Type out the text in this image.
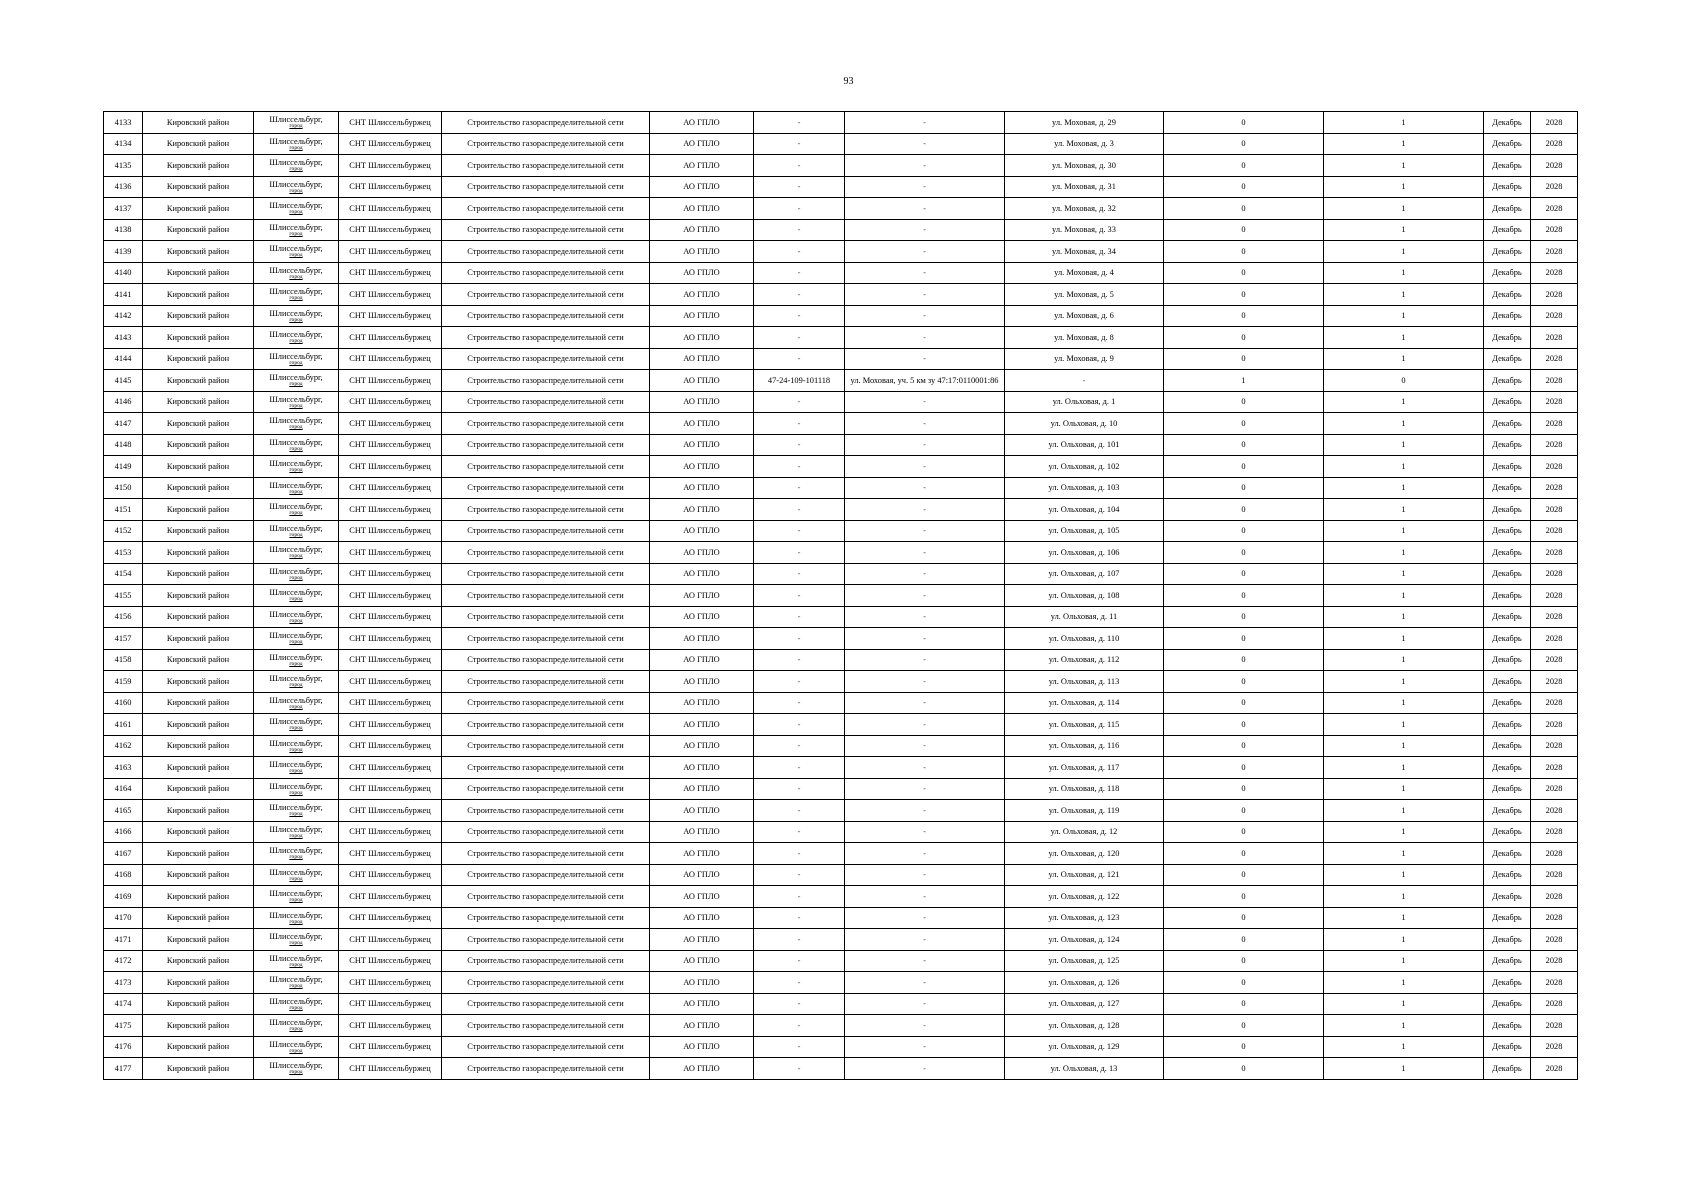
93
4133	Кировский район	Шлиссельбург,
город	СНТ Шлиссельбуржец	Строительство газораспределительной сети	АО ГПЛО	-	-	ул. Моховая, д. 29	0	1	Декабрь	2028
4134	Кировский район	Шлиссельбург,
город	СНТ Шлиссельбуржец	Строительство газораспределительной сети	АО ГПЛО	-	-	ул. Моховая, д. 3	0	1	Декабрь	2028
4135	Кировский район	Шлиссельбург,
город	СНТ Шлиссельбуржец	Строительство газораспределительной сети	АО ГПЛО	-	-	ул. Моховая, д. 30	0	1	Декабрь	2028
4136	Кировский район	Шлиссельбург,
город	СНТ Шлиссельбуржец	Строительство газораспределительной сети	АО ГПЛО	-	-	ул. Моховая, д. 31	0	1	Декабрь	2028
4137	Кировский район	Шлиссельбург,
город	СНТ Шлиссельбуржец	Строительство газораспределительной сети	АО ГПЛО	-	-	ул. Моховая, д. 32	0	1	Декабрь	2028
4138	Кировский район	Шлиссельбург,
город	СНТ Шлиссельбуржец	Строительство газораспределительной сети	АО ГПЛО	-	-	ул. Моховая, д. 33	0	1	Декабрь	2028
4139	Кировский район	Шлиссельбург,
город	СНТ Шлиссельбуржец	Строительство газораспределительной сети	АО ГПЛО	-	-	ул. Моховая, д. 34	0	1	Декабрь	2028
4140	Кировский район	Шлиссельбург,
город	СНТ Шлиссельбуржец	Строительство газораспределительной сети	АО ГПЛО	-	-	ул. Моховая, д. 4	0	1	Декабрь	2028
4141	Кировский район	Шлиссельбург,
город	СНТ Шлиссельбуржец	Строительство газораспределительной сети	АО ГПЛО	-	-	ул. Моховая, д. 5	0	1	Декабрь	2028
4142	Кировский район	Шлиссельбург,
город	СНТ Шлиссельбуржец	Строительство газораспределительной сети	АО ГПЛО	-	-	ул. Моховая, д. 6	0	1	Декабрь	2028
4143	Кировский район	Шлиссельбург,
город	СНТ Шлиссельбуржец	Строительство газораспределительной сети	АО ГПЛО	-	-	ул. Моховая, д. 8	0	1	Декабрь	2028
4144	Кировский район	Шлиссельбург,
город	СНТ Шлиссельбуржец	Строительство газораспределительной сети	АО ГПЛО	-	-	ул. Моховая, д. 9	0	1	Декабрь	2028
4145	Кировский район	Шлиссельбург,
город	СНТ Шлиссельбуржец	Строительство газораспределительной сети	АО ГПЛО	47-24-109-101118	ул. Моховая, уч. 5 км зу 47:17:0110001:86	-	1	0	Декабрь	2028
4146	Кировский район	Шлиссельбург,
город	СНТ Шлиссельбуржец	Строительство газораспределительной сети	АО ГПЛО	-	-	ул. Ольховая, д. 1	0	1	Декабрь	2028
4147	Кировский район	Шлиссельбург,
город	СНТ Шлиссельбуржец	Строительство газораспределительной сети	АО ГПЛО	-	-	ул. Ольховая, д. 10	0	1	Декабрь	2028
4148	Кировский район	Шлиссельбург,
город	СНТ Шлиссельбуржец	Строительство газораспределительной сети	АО ГПЛО	-	-	ул. Ольховая, д. 101	0	1	Декабрь	2028
4149	Кировский район	Шлиссельбург,
город	СНТ Шлиссельбуржец	Строительство газораспределительной сети	АО ГПЛО	-	-	ул. Ольховая, д. 102	0	1	Декабрь	2028
4150	Кировский район	Шлиссельбург,
город	СНТ Шлиссельбуржец	Строительство газораспределительной сети	АО ГПЛО	-	-	ул. Ольховая, д. 103	0	1	Декабрь	2028
4151	Кировский район	Шлиссельбург,
город	СНТ Шлиссельбуржец	Строительство газораспределительной сети	АО ГПЛО	-	-	ул. Ольховая, д. 104	0	1	Декабрь	2028
4152	Кировский район	Шлиссельбург,
город	СНТ Шлиссельбуржец	Строительство газораспределительной сети	АО ГПЛО	-	-	ул. Ольховая, д. 105	0	1	Декабрь	2028
4153	Кировский район	Шлиссельбург,
город	СНТ Шлиссельбуржец	Строительство газораспределительной сети	АО ГПЛО	-	-	ул. Ольховая, д. 106	0	1	Декабрь	2028
4154	Кировский район	Шлиссельбург,
город	СНТ Шлиссельбуржец	Строительство газораспределительной сети	АО ГПЛО	-	-	ул. Ольховая, д. 107	0	1	Декабрь	2028
4155	Кировский район	Шлиссельбург,
город	СНТ Шлиссельбуржец	Строительство газораспределительной сети	АО ГПЛО	-	-	ул. Ольховая, д. 108	0	1	Декабрь	2028
4156	Кировский район	Шлиссельбург,
город	СНТ Шлиссельбуржец	Строительство газораспределительной сети	АО ГПЛО	-	-	ул. Ольховая, д. 11	0	1	Декабрь	2028
4157	Кировский район	Шлиссельбург,
город	СНТ Шлиссельбуржец	Строительство газораспределительной сети	АО ГПЛО	-	-	ул. Ольховая, д. 110	0	1	Декабрь	2028
4158	Кировский район	Шлиссельбург,
город	СНТ Шлиссельбуржец	Строительство газораспределительной сети	АО ГПЛО	-	-	ул. Ольховая, д. 112	0	1	Декабрь	2028
4159	Кировский район	Шлиссельбург,
город	СНТ Шлиссельбуржец	Строительство газораспределительной сети	АО ГПЛО	-	-	ул. Ольховая, д. 113	0	1	Декабрь	2028
4160	Кировский район	Шлиссельбург,
город	СНТ Шлиссельбуржец	Строительство газораспределительной сети	АО ГПЛО	-	-	ул. Ольховая, д. 114	0	1	Декабрь	2028
4161	Кировский район	Шлиссельбург,
город	СНТ Шлиссельбуржец	Строительство газораспределительной сети	АО ГПЛО	-	-	ул. Ольховая, д. 115	0	1	Декабрь	2028
4162	Кировский район	Шлиссельбург,
город	СНТ Шлиссельбуржец	Строительство газораспределительной сети	АО ГПЛО	-	-	ул. Ольховая, д. 116	0	1	Декабрь	2028
4163	Кировский район	Шлиссельбург,
город	СНТ Шлиссельбуржец	Строительство газораспределительной сети	АО ГПЛО	-	-	ул. Ольховая, д. 117	0	1	Декабрь	2028
4164	Кировский район	Шлиссельбург,
город	СНТ Шлиссельбуржец	Строительство газораспределительной сети	АО ГПЛО	-	-	ул. Ольховая, д. 118	0	1	Декабрь	2028
4165	Кировский район	Шлиссельбург,
город	СНТ Шлиссельбуржец	Строительство газораспределительной сети	АО ГПЛО	-	-	ул. Ольховая, д. 119	0	1	Декабрь	2028
4166	Кировский район	Шлиссельбург,
город	СНТ Шлиссельбуржец	Строительство газораспределительной сети	АО ГПЛО	-	-	ул. Ольховая, д. 12	0	1	Декабрь	2028
4167	Кировский район	Шлиссельбург,
город	СНТ Шлиссельбуржец	Строительство газораспределительной сети	АО ГПЛО	-	-	ул. Ольховая, д. 120	0	1	Декабрь	2028
4168	Кировский район	Шлиссельбург,
город	СНТ Шлиссельбуржец	Строительство газораспределительной сети	АО ГПЛО	-	-	ул. Ольховая, д. 121	0	1	Декабрь	2028
4169	Кировский район	Шлиссельбург,
город	СНТ Шлиссельбуржец	Строительство газораспределительной сети	АО ГПЛО	-	-	ул. Ольховая, д. 122	0	1	Декабрь	2028
4170	Кировский район	Шлиссельбург,
город	СНТ Шлиссельбуржец	Строительство газораспределительной сети	АО ГПЛО	-	-	ул. Ольховая, д. 123	0	1	Декабрь	2028
4171	Кировский район	Шлиссельбург,
город	СНТ Шлиссельбуржец	Строительство газораспределительной сети	АО ГПЛО	-	-	ул. Ольховая, д. 124	0	1	Декабрь	2028
4172	Кировский район	Шлиссельбург,
город	СНТ Шлиссельбуржец	Строительство газораспределительной сети	АО ГПЛО	-	-	ул. Ольховая, д. 125	0	1	Декабрь	2028
4173	Кировский район	Шлиссельбург,
город	СНТ Шлиссельбуржец	Строительство газораспределительной сети	АО ГПЛО	-	-	ул. Ольховая, д. 126	0	1	Декабрь	2028
4174	Кировский район	Шлиссельбург,
город	СНТ Шлиссельбуржец	Строительство газораспределительной сети	АО ГПЛО	-	-	ул. Ольховая, д. 127	0	1	Декабрь	2028
4175	Кировский район	Шлиссельбург,
город	СНТ Шлиссельбуржец	Строительство газораспределительной сети	АО ГПЛО	-	-	ул. Ольховая, д. 128	0	1	Декабрь	2028
4176	Кировский район	Шлиссельбург,
город	СНТ Шлиссельбуржец	Строительство газораспределительной сети	АО ГПЛО	-	-	ул. Ольховая, д. 129	0	1	Декабрь	2028
4177	Кировский район	Шлиссельбург,
город	СНТ Шлиссельбуржец	Строительство газораспределительной сети	АО ГПЛО	-	-	ул. Ольховая, д. 13	0	1	Декабрь	2028
